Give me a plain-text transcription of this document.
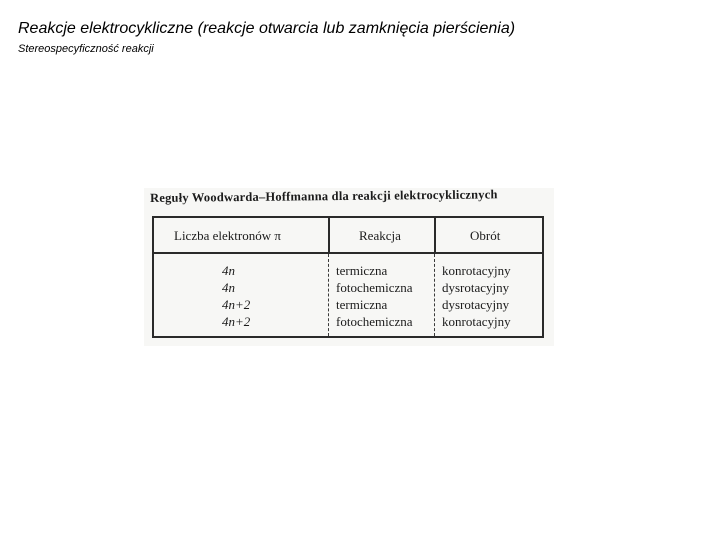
Reakcje elektrocykliczne (reakcje otwarcia lub zamknięcia pierścienia)
Stereospecyficzność reakcji
Reguły Woodwarda–Hoffmanna dla reakcji elektrocyklicznych
Liczba elektronów π	Reakcja	Obrót
4n
4n
4n+2
4n+2
termiczna
fotochemiczna
termiczna
fotochemiczna
konrotacyjny
dysrotacyjny
dysrotacyjny
konrotacyjny
